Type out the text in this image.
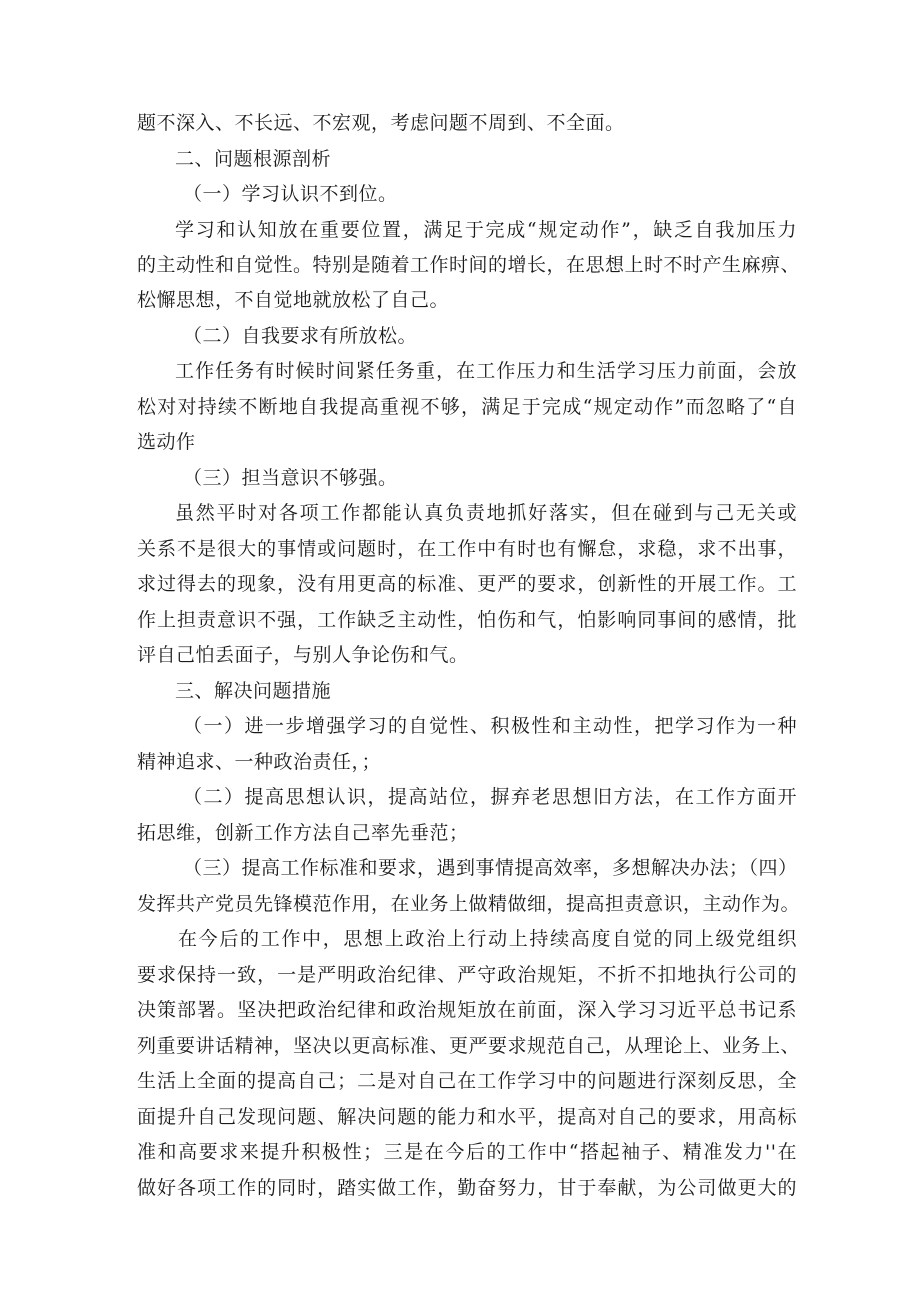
题不深入、不长远、不宏观，考虑问题不周到、不全面。
二、问题根源剖析
（一）学习认识不到位。
学习和认知放在重要位置，满足于完成“规定动作”，缺乏自我加压力
的主动性和自觉性。特别是随着工作时间的增长，在思想上时不时产生麻痹、
松懈思想，不自觉地就放松了自己。
（二）自我要求有所放松。
工作任务有时候时间紧任务重，在工作压力和生活学习压力前面，会放
松对对持续不断地自我提高重视不够，满足于完成“规定动作”而忽略了“自
选动作
（三）担当意识不够强。
虽然平时对各项工作都能认真负责地抓好落实，但在碰到与己无关或
关系不是很大的事情或问题时，在工作中有时也有懈怠，求稳，求不出事，
求过得去的现象，没有用更高的标准、更严的要求，创新性的开展工作。工
作上担责意识不强，工作缺乏主动性，怕伤和气，怕影响同事间的感情，批
评自己怕丢面子，与别人争论伤和气。
三、解决问题措施
（一）进一步增强学习的自觉性、积极性和主动性，把学习作为一种
精神追求、一种政治责任，；
（二）提高思想认识，提高站位，摒弃老思想旧方法，在工作方面开
拓思维，创新工作方法自己率先垂范；
（三）提高工作标准和要求，遇到事情提高效率，多想解决办法；（四）
发挥共产党员先锋模范作用，在业务上做精做细，提高担责意识，主动作为。
在今后的工作中，思想上政治上行动上持续高度自觉的同上级党组织
要求保持一致，一是严明政治纪律、严守政治规矩，不折不扣地执行公司的
决策部署。坚决把政治纪律和政治规矩放在前面，深入学习习近平总书记系
列重要讲话精神，坚决以更高标准、更严要求规范自己，从理论上、业务上、
生活上全面的提高自己；二是对自己在工作学习中的问题进行深刻反思，全
面提升自己发现问题、解决问题的能力和水平，提高对自己的要求，用高标
准和高要求来提升积极性；三是在今后的工作中“搭起袖子、精准发力''在
做好各项工作的同时，踏实做工作，勤奋努力，甘于奉献，为公司做更大的
